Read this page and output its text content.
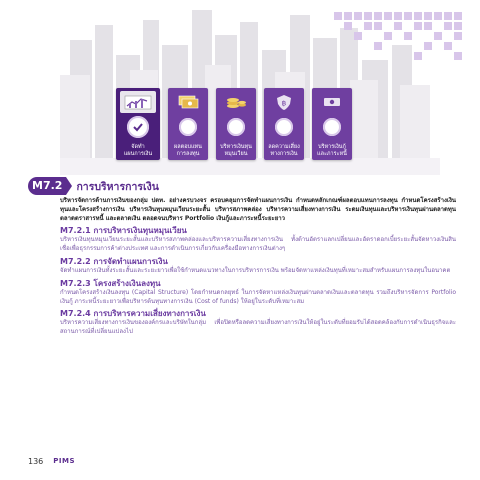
จัดทำ
แผนการเงิน
ผลตอบแทน
การลงทุน
บริหารเงินทุน
หมุนเวียน
฿
ลดความเสี่ยง
ทางการเงิน
บริหารเงินกู้
และภาระหนี้
M7.2	การบริหารการเงิน

บริหารจัดการด้านการเงินของกลุ่ม ปตท. อย่างครบวงจร ครอบคลุมการจัดทำแผนการเงิน กำหนดหลักเกณฑ์ผลตอบแทนการลงทุน กำหนดโครงสร้างเงินทุนและโครงสร้างการเงิน บริหารเงินทุนหมุนเวียนระยะสั้น บริหารสภาพคล่อง บริหารความเสี่ยงทางการเงิน ระดมเงินทุนและบริหารเงินทุนผ่านตลาดทุน ตลาดตราสารหนี้ และตลาดเงิน ตลอดจนบริหาร Portfolio เงินกู้และภาระหนี้ระยะยาว

M7.2.1 การบริหารเงินทุนหมุนเวียน

บริหารเงินทุนหมุนเวียนระยะสั้นและบริหารสภาพคล่องและบริหารความเสี่ยงทางการเงิน ทั้งด้านอัตราแลกเปลี่ยนและอัตราดอกเบี้ยระยะสั้นจัดหาวงเงินสินเชื่อเพื่อธุรกรรมการค้าต่างประเทศ และการดำเนินการเกี่ยวกับเครื่องมือทางการเงินต่างๆ

M7.2.2 การจัดทำแผนการเงิน

จัดทำแผนการเงินทั้งระยะสั้นและระยะยาวเพื่อใช้กำหนดแนวทางในการบริหารการเงิน พร้อมจัดหาแหล่งเงินทุนที่เหมาะสมสำหรับแผนการลงทุนในอนาคต

M7.2.3 โครงสร้างเงินลงทุน

กำหนดโครงสร้างเงินลงทุน (Capital Structure) โดยกำหนดกลยุทธ์ ในการจัดหาแหล่งเงินทุนผ่านตลาดเงินและตลาดทุน รวมถึงบริหารจัดการ Portfolio เงินกู้ ภาระหนี้ระยะยาวเพื่อบริหารต้นทุนทางการเงิน (Cost of funds) ให้อยู่ในระดับที่เหมาะสม

M7.2.4 การบริหารความเสี่ยงทางการเงิน

บริหารความเสี่ยงทางการเงินขององค์กรและบริษัทในกลุ่ม เพื่อปิดหรือลดความเสี่ยงทางการเงินให้อยู่ในระดับที่ยอมรับได้สอดคล้องกับการดำเนินธุรกิจและสถานการณ์ที่เปลี่ยนแปลงไป

136 PIMS
